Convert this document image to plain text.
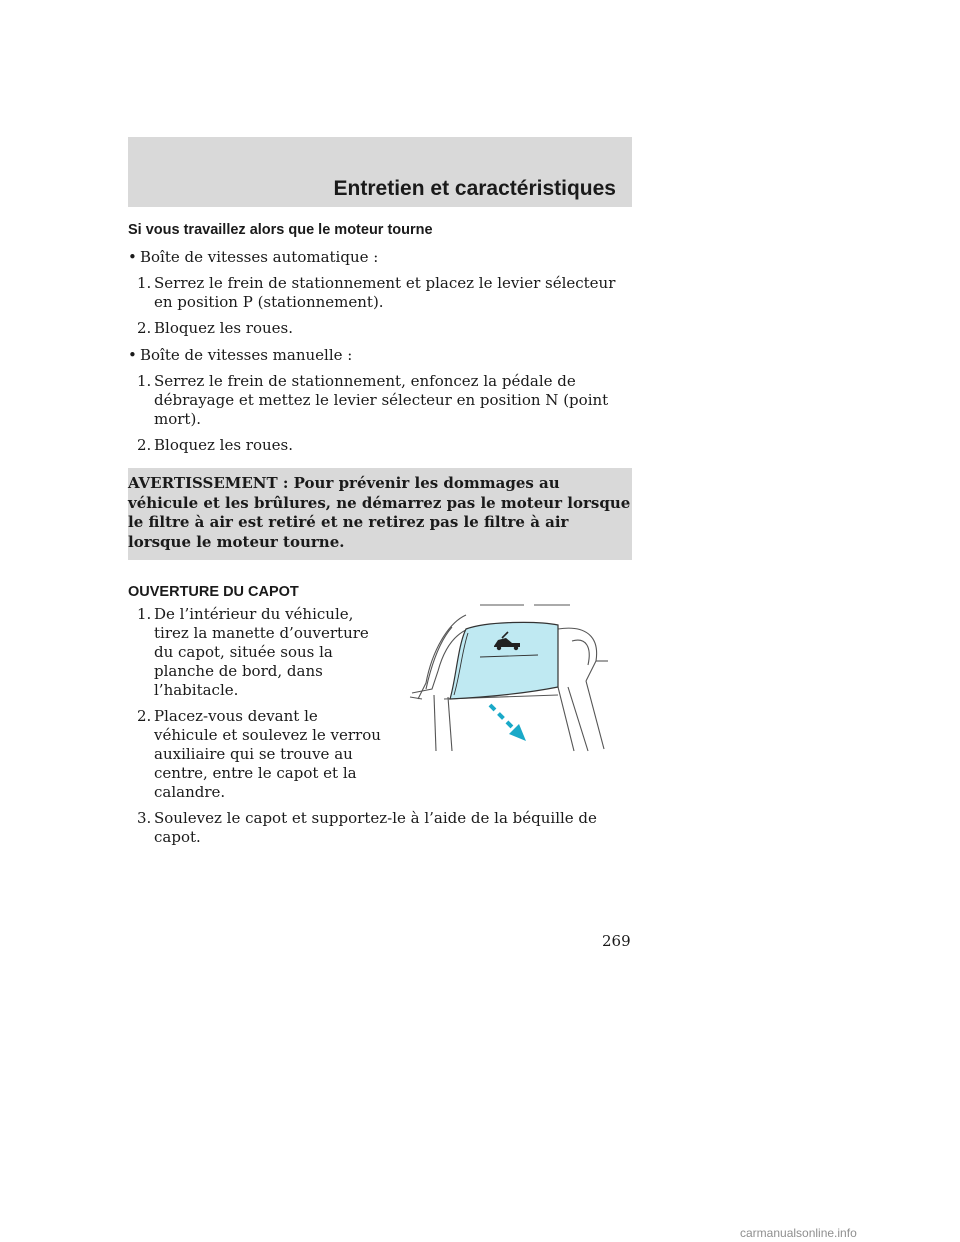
Entretien et caractéristiques

Si vous travaillez alors que le moteur tourne

• Boîte de vitesses automatique :
1. Serrez le frein de stationnement et placez le levier sélecteur en position P (stationnement).
2. Bloquez les roues.
• Boîte de vitesses manuelle :
1. Serrez le frein de stationnement, enfoncez la pédale de débrayage et mettez le levier sélecteur en position N (point mort).
2. Bloquez les roues.

AVERTISSEMENT : Pour prévenir les dommages au véhicule et les brûlures, ne démarrez pas le moteur lorsque le filtre à air est retiré et ne retirez pas le filtre à air lorsque le moteur tourne.

OUVERTURE DU CAPOT

1. De l’intérieur du véhicule, tirez la manette d’ouverture du capot, située sous la planche de bord, dans l’habitacle.
2. Placez-vous devant le véhicule et soulevez le verrou auxiliaire qui se trouve au centre, entre le capot et la calandre.
3. Soulevez le capot et supportez-le à l’aide de la béquille de capot.
269
carmanualsonline.info
